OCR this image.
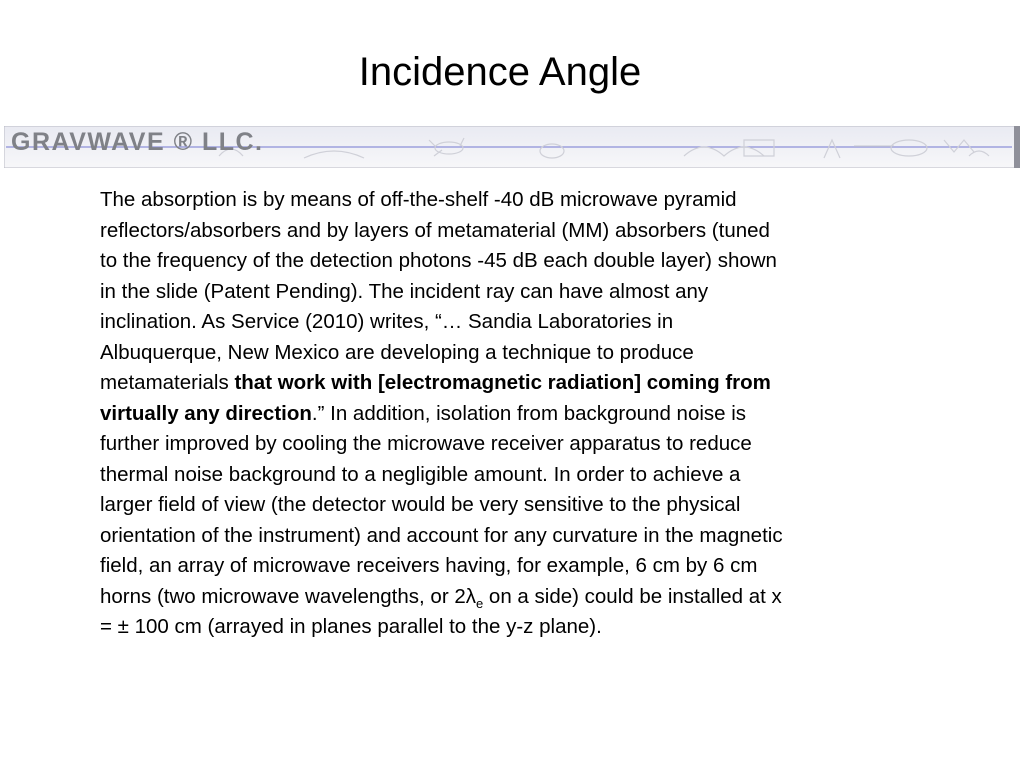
Incidence Angle
GRAVWAVE ® LLC.
The absorption is by means of off-the-shelf -40 dB microwave pyramid
reflectors/absorbers and by layers of metamaterial (MM) absorbers (tuned
to the frequency of the detection photons -45 dB each double layer) shown
in the slide (Patent Pending). The incident ray can have almost any
inclination. As Service (2010) writes, “… Sandia Laboratories in
Albuquerque, New Mexico are developing a technique to produce
metamaterials that work with [electromagnetic radiation] coming from
virtually any direction.” In addition, isolation from background noise is
further improved by cooling the microwave receiver apparatus to reduce
thermal noise background to a negligible amount. In order to achieve a
larger field of view (the detector would be very sensitive to the physical
orientation of the instrument) and account for any curvature in the magnetic
field, an array of microwave receivers having, for example, 6 cm by 6 cm
horns (two microwave wavelengths, or $2\lambda_e$ on a side) could be installed at x
= ± 100 cm (arrayed in planes parallel to the y-z plane).
